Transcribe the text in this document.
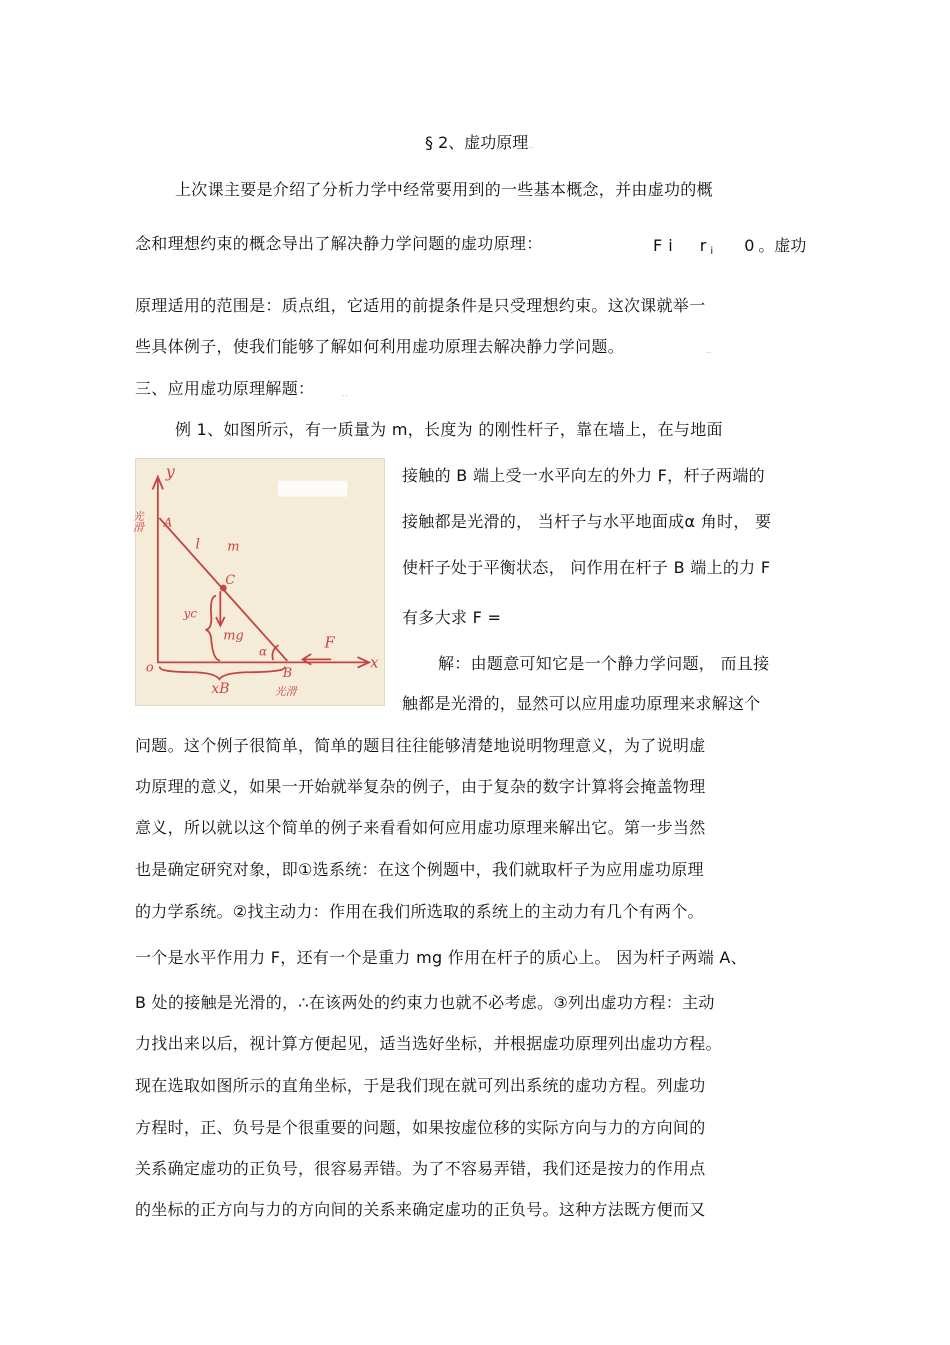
§ 2、虚功原理..
上次课主要是介绍了分析力学中经常要用到的一些基本概念，并由虚功的概
念和理想约束的概念导出了解决静力学问题的虚功原理：	F i r $_i$ 0 。虚功
原理适用的范围是：质点组，它适用的前提条件是只受理想约束。这次课就举一
些具体例子，使我们能够了解如何利用虚功原理去解决静力学问题。	..
三、应用虚功原理解题：	..
例 1、如图所示，有一质量为 m，长度为 的刚性杆子，靠在墙上，在与地面
接触的 B 端上受一水平向左的外力 F，杆子两端的
接触都是光滑的， 当杆子与水平地面成α 角时， 要
使杆子处于平衡状态， 问作用在杆子 B 端上的力 F
有多大求 F =
解：由题意可知它是一个静力学问题， 而且接
触都是光滑的，显然可以应用虚功原理来求解这个
问题。这个例子很简单，简单的题目往往能够清楚地说明物理意义，为了说明虚
功原理的意义，如果一开始就举复杂的例子，由于复杂的数字计算将会掩盖物理
意义，所以就以这个简单的例子来看看如何应用虚功原理来解出它。第一步当然
也是确定研究对象，即①选系统：在这个例题中，我们就取杆子为应用虚功原理
的力学系统。②找主动力：作用在我们所选取的系统上的主动力有几个有两个。
一个是水平作用力 F，还有一个是重力 mg 作用在杆子的质心上。 因为杆子两端 A、
B 处的接触是光滑的，∴在该两处的约束力也就不必考虑。③列出虚功方程：主动
力找出来以后，视计算方便起见，适当选好坐标，并根据虚功原理列出虚功方程。
现在选取如图所示的直角坐标，于是我们现在就可列出系统的虚功方程。列虚功
方程时，正、负号是个很重要的问题，如果按虚位移的实际方向与力的方向间的
关系确定虚功的正负号，很容易弄错。为了不容易弄错，我们还是按力的作用点
的坐标的正方向与力的方向间的关系来确定虚功的正负号。这种方法既方便而又
y
x
o
A
B
C
l m
yc
mg	F
α
xB
光滑
光滑
